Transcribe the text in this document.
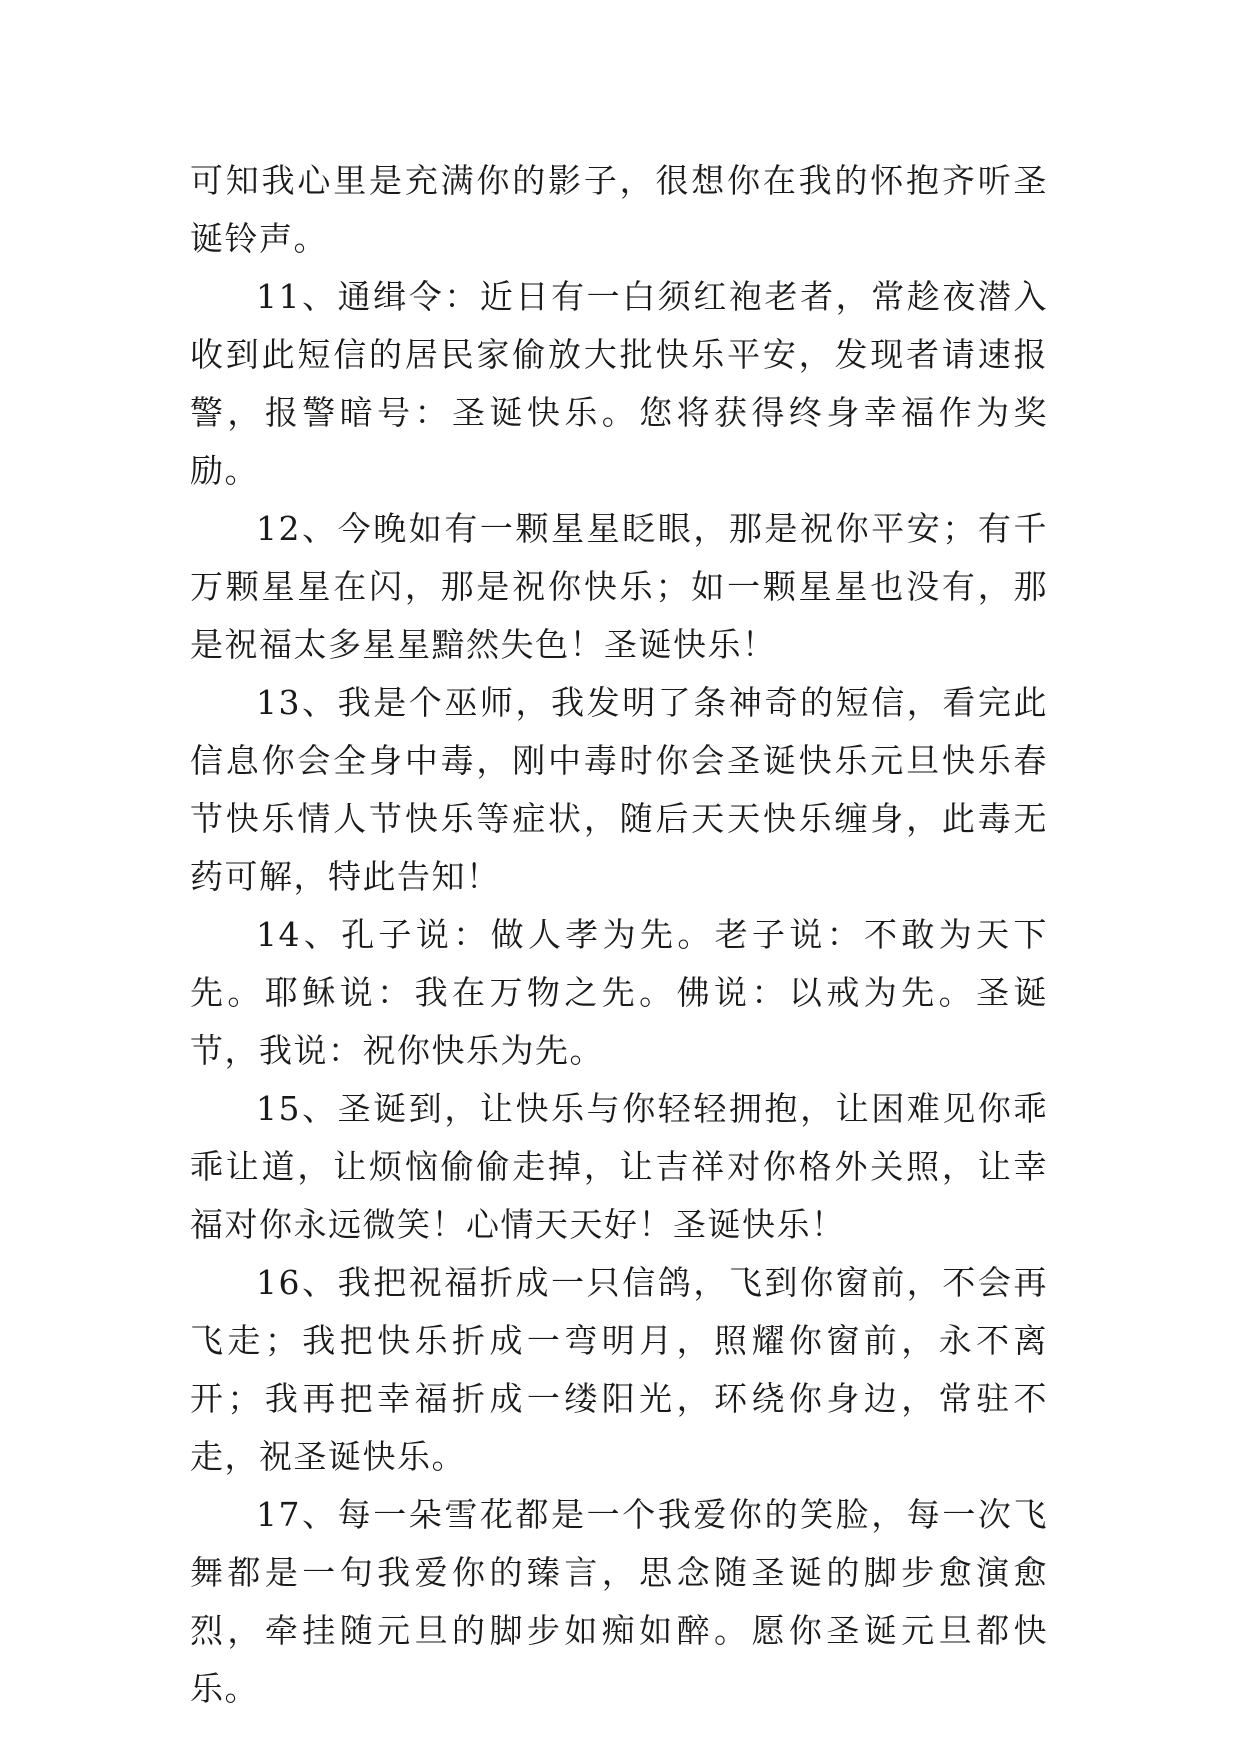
可知我心里是充满你的影子，很想你在我的怀抱齐听圣诞铃声。

11、通缉令：近日有一白须红袍老者，常趁夜潜入收到此短信的居民家偷放大批快乐平安，发现者请速报警，报警暗号：圣诞快乐。您将获得终身幸福作为奖励。

12、今晚如有一颗星星眨眼，那是祝你平安；有千万颗星星在闪，那是祝你快乐；如一颗星星也没有，那是祝福太多星星黯然失色！圣诞快乐！

13、我是个巫师，我发明了条神奇的短信，看完此信息你会全身中毒，刚中毒时你会圣诞快乐元旦快乐春节快乐情人节快乐等症状，随后天天快乐缠身，此毒无药可解，特此告知！

14、孔子说：做人孝为先。老子说：不敢为天下先。耶稣说：我在万物之先。佛说：以戒为先。圣诞节，我说：祝你快乐为先。

15、圣诞到，让快乐与你轻轻拥抱，让困难见你乖乖让道，让烦恼偷偷走掉，让吉祥对你格外关照，让幸福对你永远微笑！心情天天好！圣诞快乐！

16、我把祝福折成一只信鸽，飞到你窗前，不会再飞走；我把快乐折成一弯明月，照耀你窗前，永不离开；我再把幸福折成一缕阳光，环绕你身边，常驻不走，祝圣诞快乐。

17、每一朵雪花都是一个我爱你的笑脸，每一次飞舞都是一句我爱你的臻言，思念随圣诞的脚步愈演愈烈，牵挂随元旦的脚步如痴如醉。愿你圣诞元旦都快乐。
